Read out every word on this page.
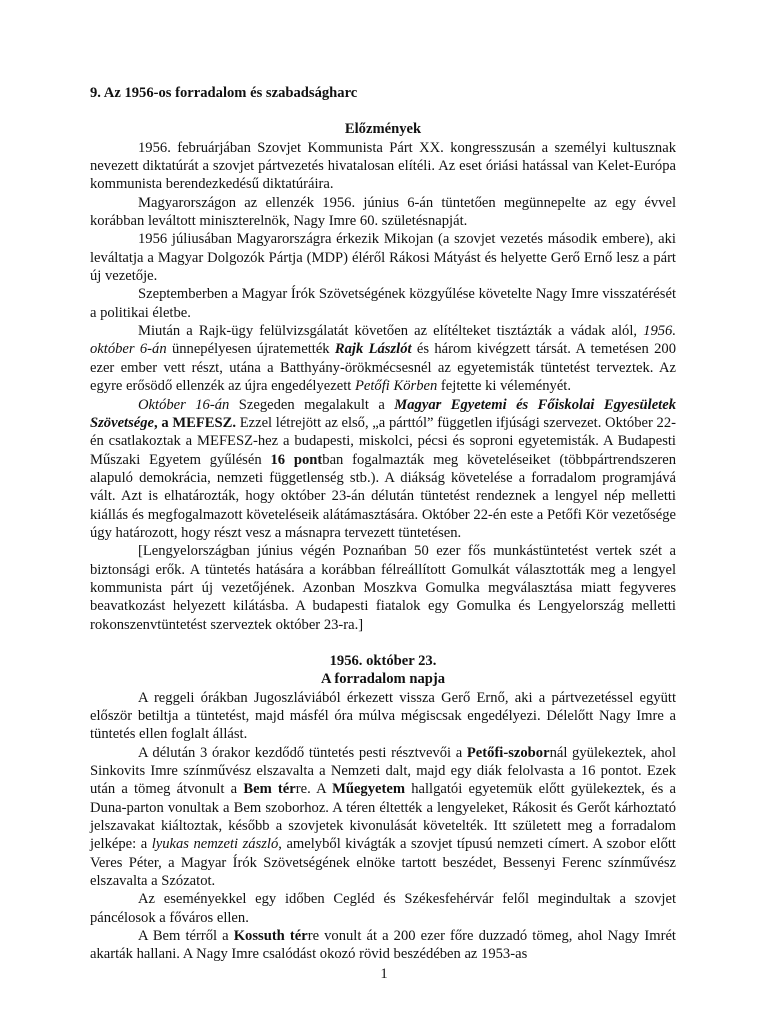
9. Az 1956-os forradalom és szabadságharc
Előzmények
1956. februárjában Szovjet Kommunista Párt XX. kongresszusán a személyi kultusznak nevezett diktatúrát a szovjet pártvezetés hivatalosan elítéli. Az eset óriási hatással van Kelet-Európa kommunista berendezkedésű diktatúráira.
Magyarországon az ellenzék 1956. június 6-án tüntetően megünnepelte az egy évvel korábban leváltott miniszterelnök, Nagy Imre 60. születésnapját.
1956 júliusában Magyarországra érkezik Mikojan (a szovjet vezetés második embere), aki leváltatja a Magyar Dolgozók Pártja (MDP) éléről Rákosi Mátyást és helyette Gerő Ernő lesz a párt új vezetője.
Szeptemberben a Magyar Írók Szövetségének közgyűlése követelte Nagy Imre visszatérését a politikai életbe.
Miután a Rajk-ügy felülvizsgálatát követően az elítélteket tisztázták a vádak alól, 1956. október 6-án ünnepélyesen újratemették Rajk Lászlót és három kivégzett társát. A temetésen 200 ezer ember vett részt, utána a Batthyány-örökmécsesnél az egyetemisták tüntetést terveztek. Az egyre erősödő ellenzék az újra engedélyezett Petőfi Körben fejtette ki véleményét.
Október 16-án Szegeden megalakult a Magyar Egyetemi és Főiskolai Egyesületek Szövetsége, a MEFESZ. Ezzel létrejött az első, „a párttól” független ifjúsági szervezet. Október 22-én csatlakoztak a MEFESZ-hez a budapesti, miskolci, pécsi és soproni egyetemisták. A Budapesti Műszaki Egyetem gyűlésén 16 pontban fogalmazták meg követeléseiket (többpártrendszeren alapuló demokrácia, nemzeti függetlenség stb.). A diákság követelése a forradalom programjává vált. Azt is elhatározták, hogy október 23-án délután tüntetést rendeznek a lengyel nép melletti kiállás és megfogalmazott követeléseik alátámasztására. Október 22-én este a Petőfi Kör vezetősége úgy határozott, hogy részt vesz a másnapra tervezett tüntetésen.
[Lengyelországban június végén Poznańban 50 ezer fős munkástüntetést vertek szét a biztonsági erők. A tüntetés hatására a korábban félreállított Gomulkát választották meg a lengyel kommunista párt új vezetőjének. Azonban Moszkva Gomulka megválasztása miatt fegyveres beavatkozást helyezett kilátásba. A budapesti fiatalok egy Gomulka és Lengyelország melletti rokonszenvtüntetést szerveztek október 23-ra.]
1956. október 23.
A forradalom napja
A reggeli órákban Jugoszláviából érkezett vissza Gerő Ernő, aki a pártvezetéssel együtt először betiltja a tüntetést, majd másfél óra múlva mégiscsak engedélyezi. Délelőtt Nagy Imre a tüntetés ellen foglalt állást.
A délután 3 órakor kezdődő tüntetés pesti résztvevői a Petőfi-szobornál gyülekeztek, ahol Sinkovits Imre színművész elszavalta a Nemzeti dalt, majd egy diák felolvasta a 16 pontot. Ezek után a tömeg átvonult a Bem térre. A Műegyetem hallgatói egyetemük előtt gyülekeztek, és a Duna-parton vonultak a Bem szoborhoz. A téren éltették a lengyeleket, Rákosit és Gerőt kárhoztató jelszavakat kiáltoztak, később a szovjetek kivonulását követelték. Itt született meg a forradalom jelképe: a lyukas nemzeti zászló, amelyből kivágták a szovjet típusú nemzeti címert. A szobor előtt Veres Péter, a Magyar Írók Szövetségének elnöke tartott beszédet, Bessenyi Ferenc színművész elszavalta a Szózatot.
Az eseményekkel egy időben Cegléd és Székesfehérvár felől megindultak a szovjet páncélosok a főváros ellen.
A Bem térről a Kossuth térre vonult át a 200 ezer főre duzzadó tömeg, ahol Nagy Imrét akarták hallani. A Nagy Imre csalódást okozó rövid beszédében az 1953-as
1
